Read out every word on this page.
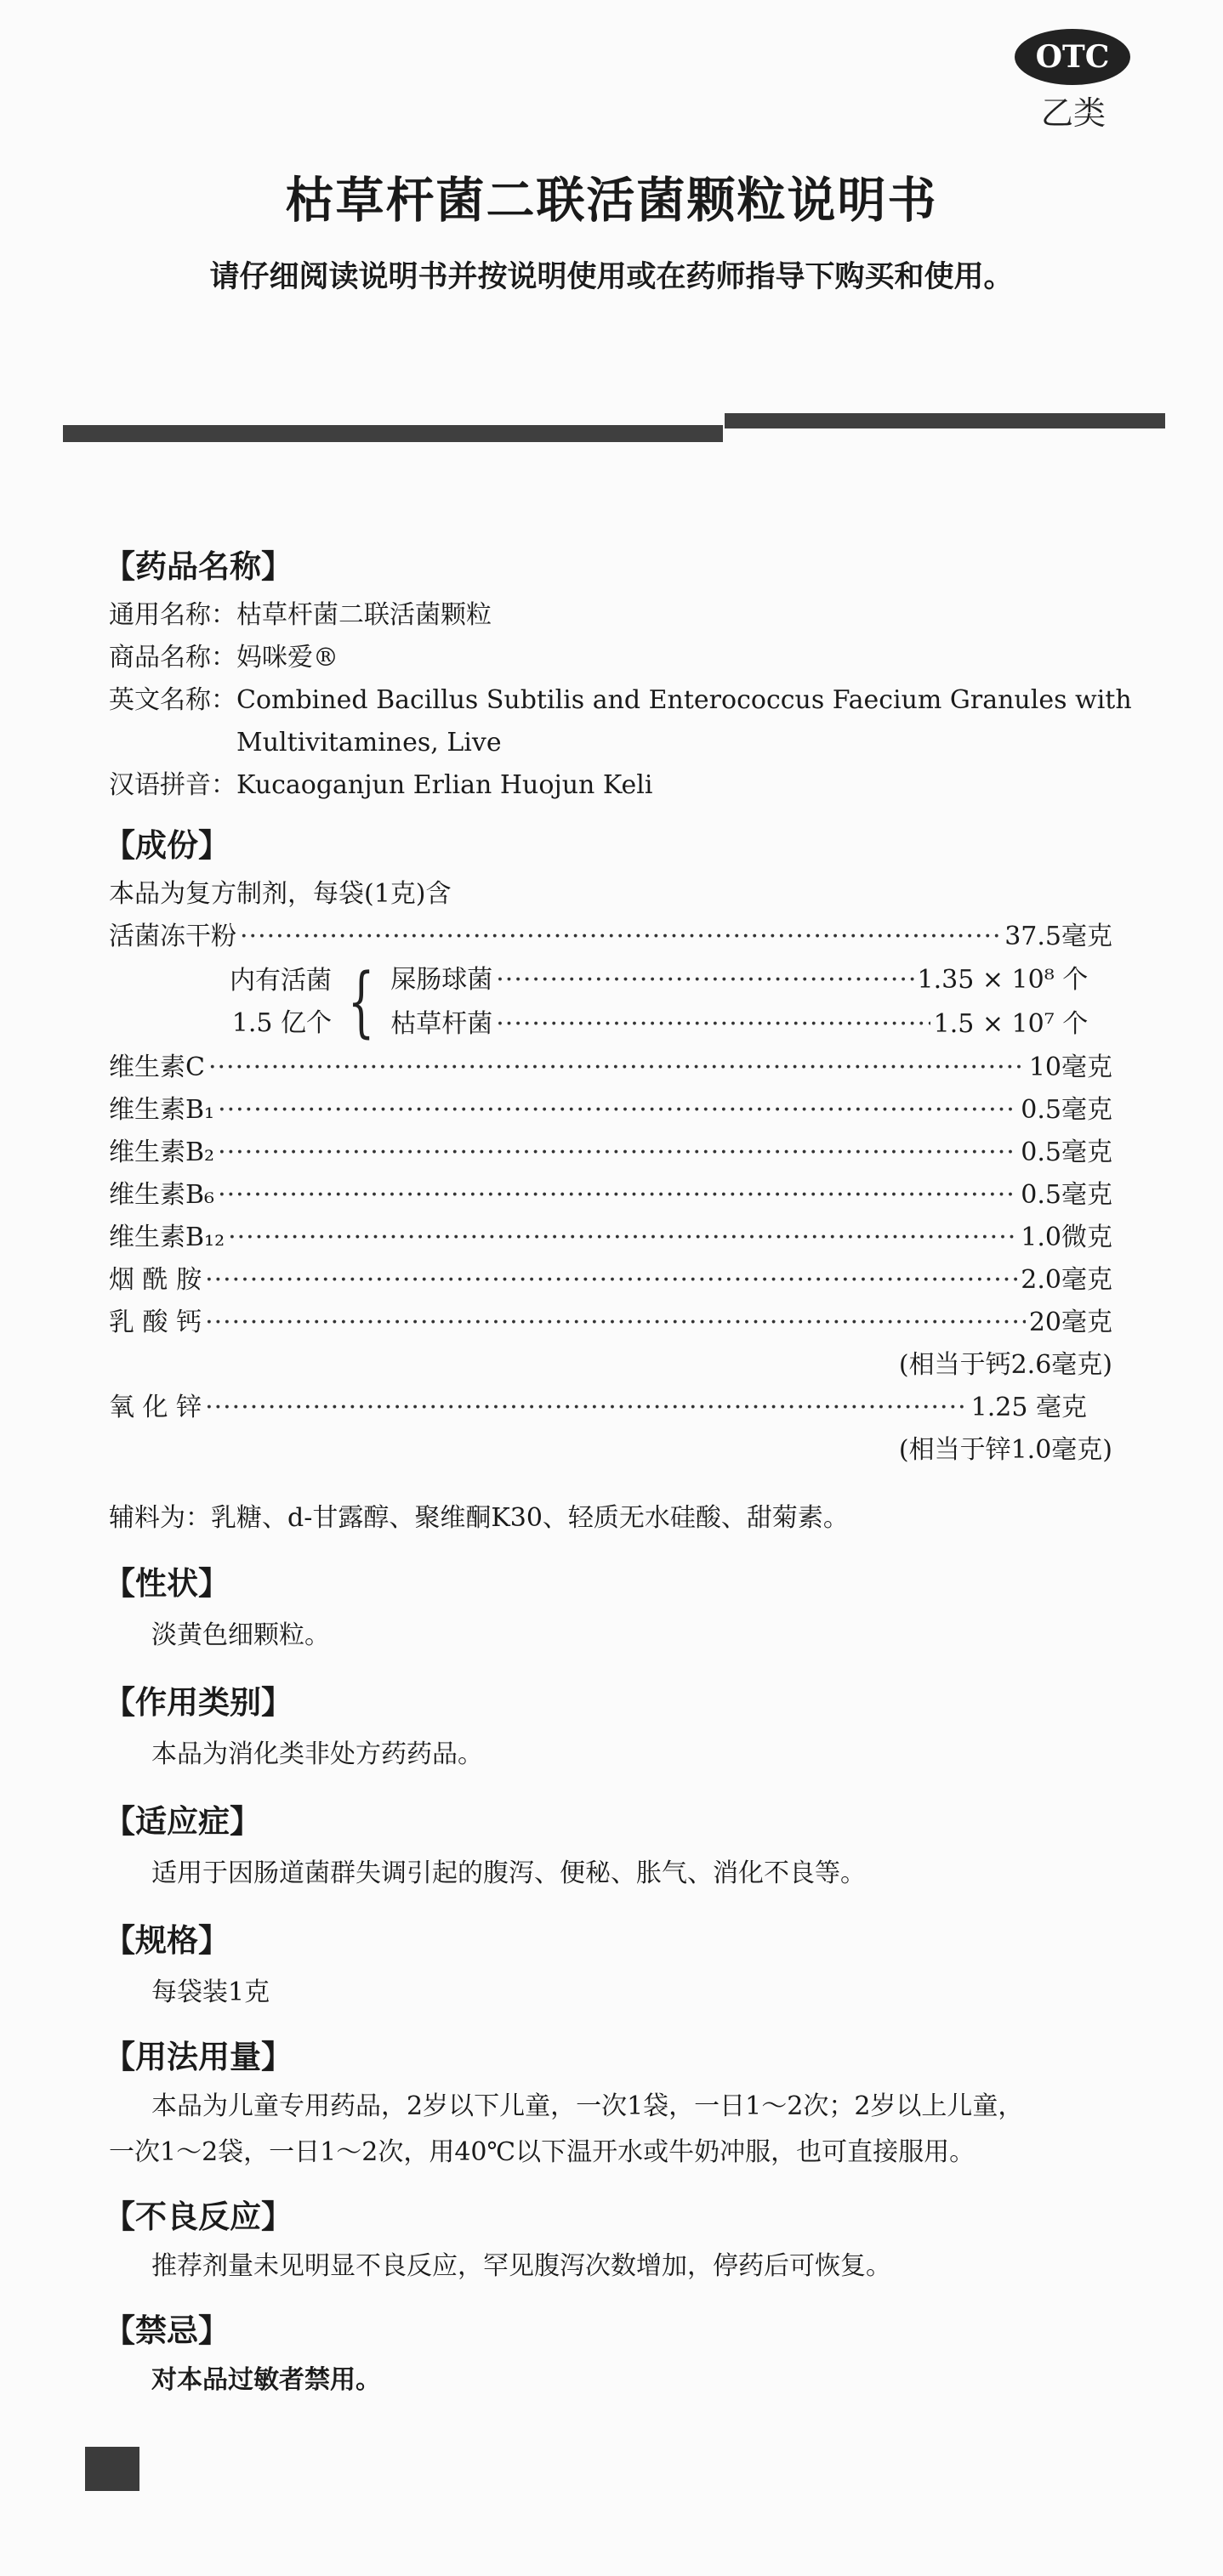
OTC
乙类
枯草杆菌二联活菌颗粒说明书
请仔细阅读说明书并按说明使用或在药师指导下购买和使用。
【药品名称】
通用名称：枯草杆菌二联活菌颗粒
商品名称：妈咪爱®
英文名称：Combined Bacillus Subtilis and Enterococcus Faecium Granules with
Multivitamines, Live
汉语拼音：Kucaoganjun Erlian Huojun Keli
【成份】
本品为复方制剂，每袋(1克)含
活菌冻干粉 ·····	37.5毫克
内有活菌
1.5 亿个 { 屎肠球菌 ·····	1.35 × 10⁸ 个
枯草杆菌 ·····	1.5 × 10⁷ 个
维生素C ·····	10毫克
维生素B₁ ·····	0.5毫克
维生素B₂ ·····	0.5毫克
维生素B₆ ·····	0.5毫克
维生素B₁₂ ·····	1.0微克
烟 酰 胺 ·····	2.0毫克
乳 酸 钙 ·····	20毫克
(相当于钙2.6毫克)
氧 化 锌 ·····	1.25 毫克
(相当于锌1.0毫克)
辅料为：乳糖、d-甘露醇、聚维酮K30、轻质无水硅酸、甜菊素。
【性状】
淡黄色细颗粒。
【作用类别】
本品为消化类非处方药药品。
【适应症】
适用于因肠道菌群失调引起的腹泻、便秘、胀气、消化不良等。
【规格】
每袋装1克
【用法用量】
本品为儿童专用药品，2岁以下儿童，一次1袋，一日1～2次；2岁以上儿童，
一次1～2袋，一日1～2次，用40℃以下温开水或牛奶冲服，也可直接服用。
【不良反应】
推荐剂量未见明显不良反应，罕见腹泻次数增加，停药后可恢复。
【禁忌】
对本品过敏者禁用。
